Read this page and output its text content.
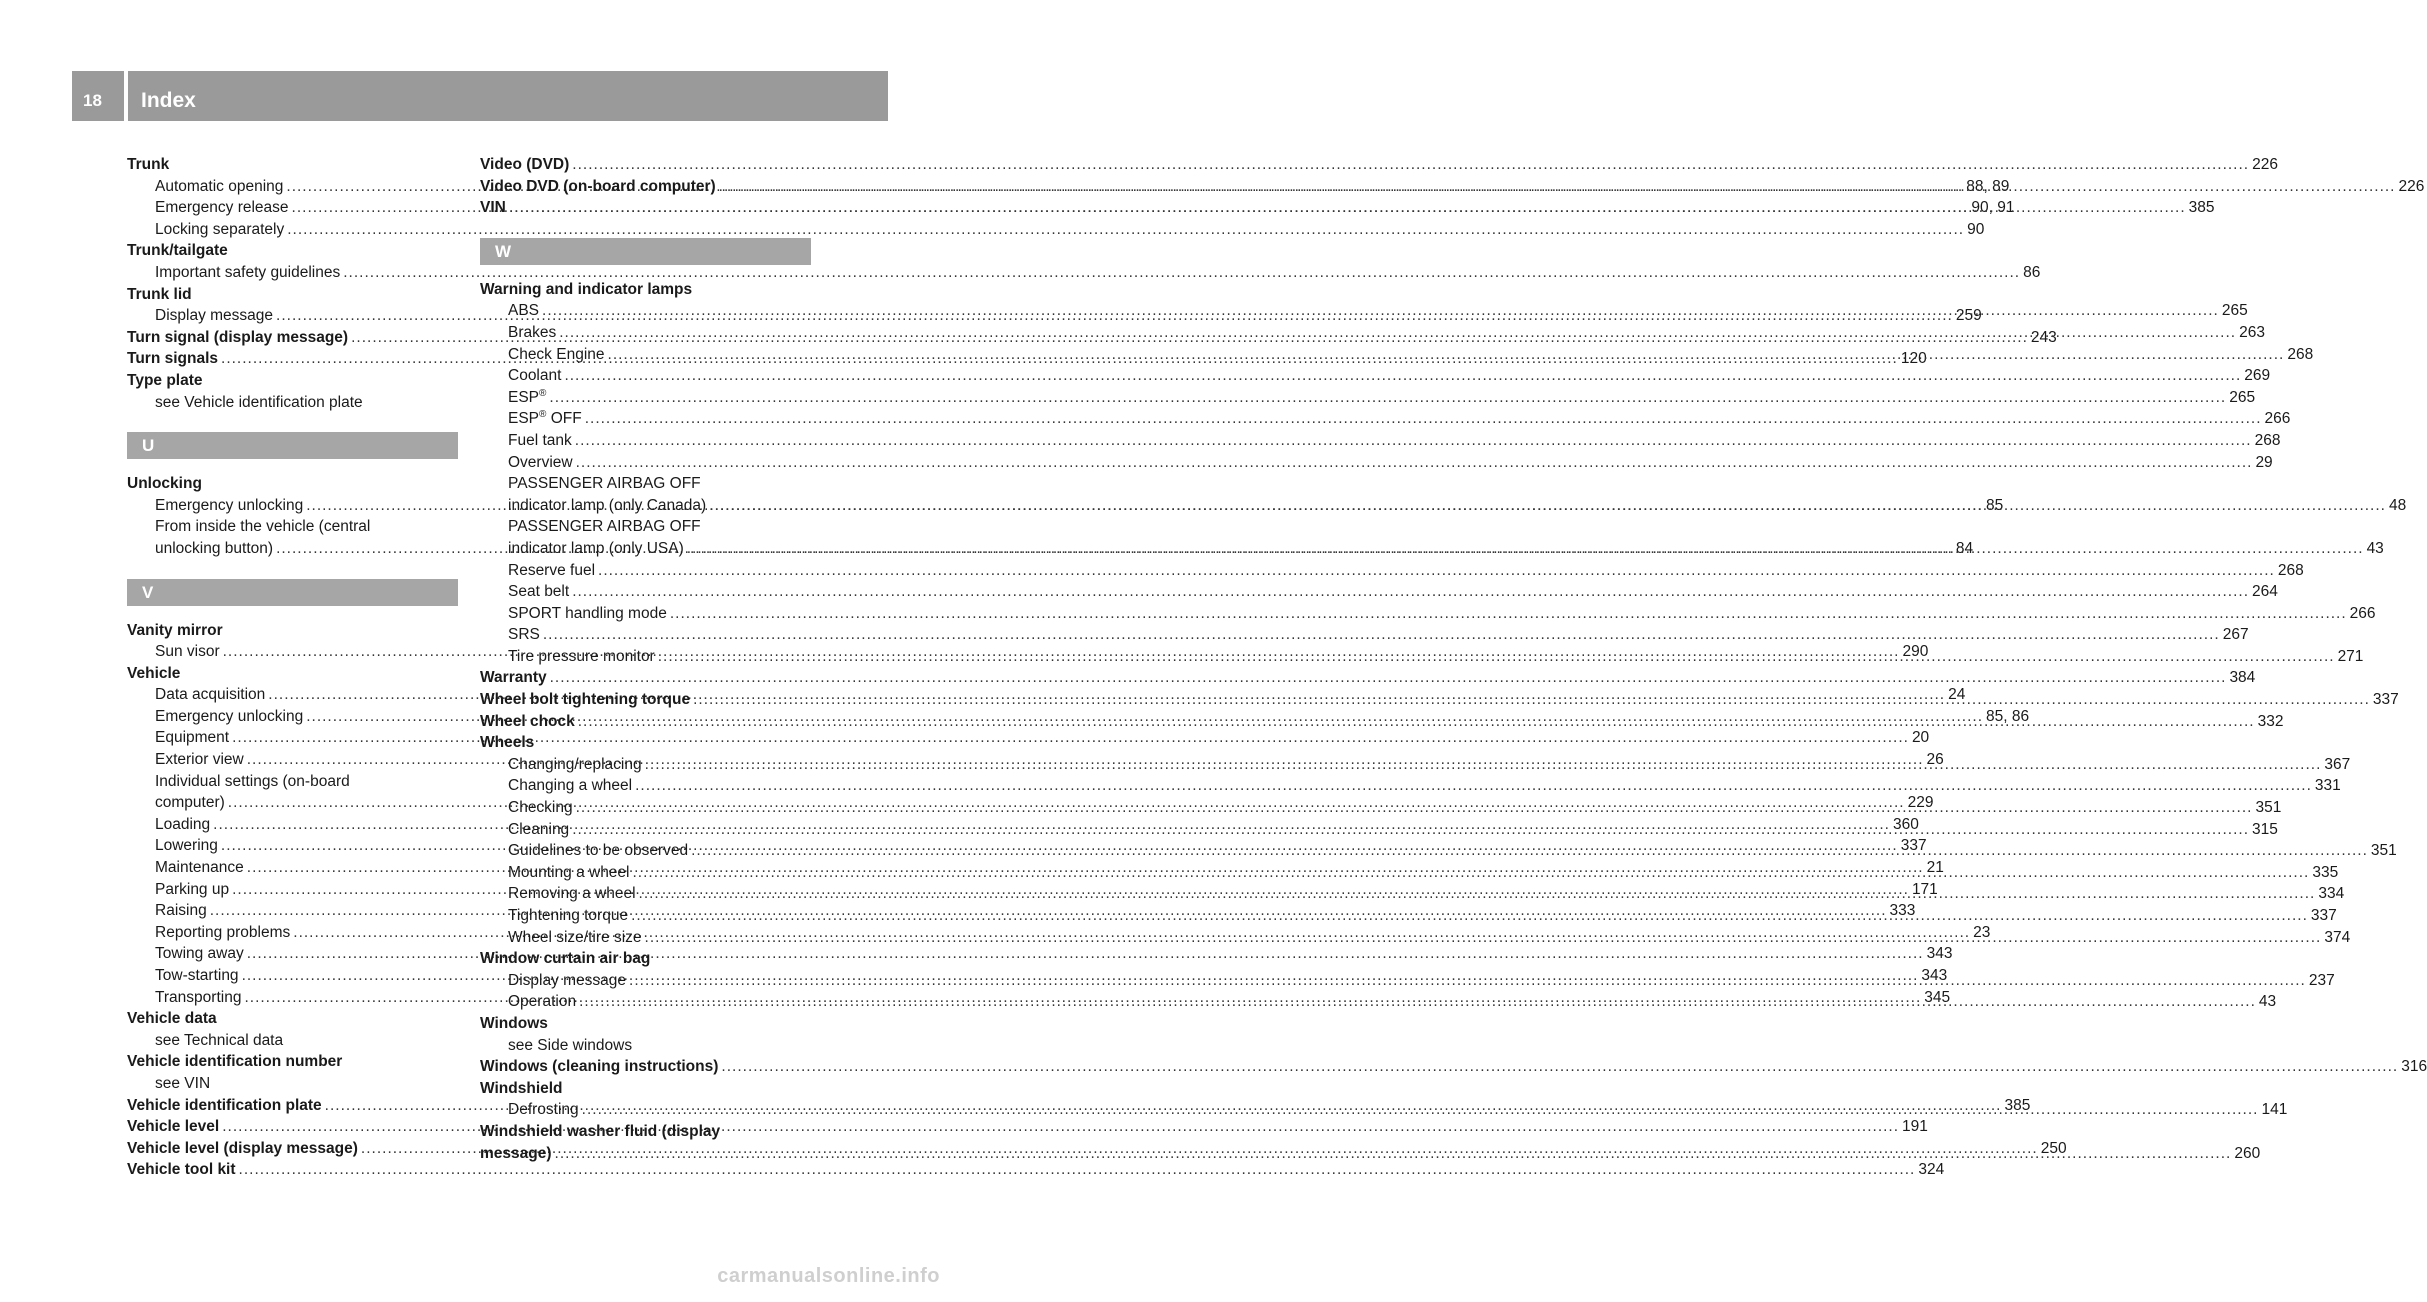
18	Index
Trunk
Automatic opening .....	88, 89
Emergency release .....	90, 91
Locking separately .....	90
Trunk/tailgate
Important safety guidelines .....	86
Trunk lid
Display message .....	259
Turn signal (display message) .....	243
Turn signals .....	120
Type plate
see Vehicle identification plate
U
Unlocking
Emergency unlocking .....	85
From inside the vehicle (central
unlocking button) .....	84
V
Vanity mirror
Sun visor .....	290
Vehicle
Data acquisition .....	24
Emergency unlocking .....	85, 86
Equipment .....	20
Exterior view .....	26
Individual settings (on-board
computer) .....	229
Loading .....	360
Lowering .....	337
Maintenance .....	21
Parking up .....	171
Raising .....	333
Reporting problems .....	23
Towing away .....	343
Tow-starting .....	343
Transporting .....	345
Vehicle data
see Technical data
Vehicle identification number
see VIN
Vehicle identification plate .....	385
Vehicle level .....	191
Vehicle level (display message) .....	250
Vehicle tool kit .....	324
Video (DVD) .....	226
Video DVD (on-board computer) .....	226
VIN .....	385
W
Warning and indicator lamps
ABS .....	265
Brakes .....	263
Check Engine .....	268
Coolant .....	269
ESP® .....	265
ESP® OFF .....	266
Fuel tank .....	268
Overview .....	29
PASSENGER AIRBAG OFF
indicator lamp (only Canada) .....	48
PASSENGER AIRBAG OFF
indicator lamp (only USA) .....	43
Reserve fuel .....	268
Seat belt .....	264
SPORT handling mode .....	266
SRS .....	267
Tire pressure monitor .....	271
Warranty .....	384
Wheel bolt tightening torque .....	337
Wheel chock .....	332
Wheels
Changing/replacing .....	367
Changing a wheel .....	331
Checking .....	351
Cleaning .....	315
Guidelines to be observed .....	351
Mounting a wheel .....	335
Removing a wheel .....	334
Tightening torque .....	337
Wheel size/tire size .....	374
Window curtain air bag
Display message .....	237
Operation .....	43
Windows
see Side windows
Windows (cleaning instructions) .....	316
Windshield
Defrosting .....	141
Windshield washer fluid (display
message) .....	260
carmanualsonline.info
